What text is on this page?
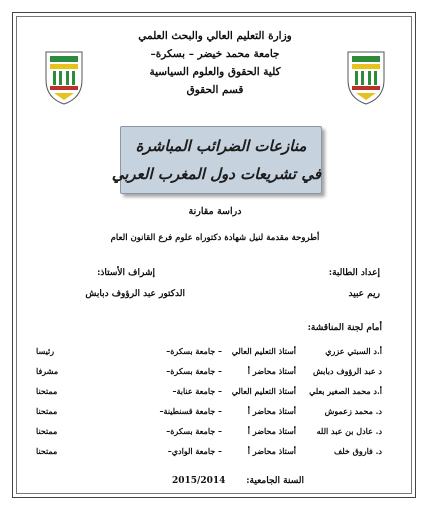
وزارة التعليم العالي والبحث العلمي
جامعة محمد خيضر – بسكرة–
كلية الحقوق والعلوم السياسية
قسم الحقوق
منازعات الضرائب المباشرة
في تشريعات دول المغرب العربي
دراسة مقارنة
أطروحة مقدمة لنيل شهادة دكتوراه علوم فرع القانون العام
إعداد الطالبة:
ريم عبيد
إشراف الأستاذ:
الدكتور عبد الرؤوف دبابش
أمام لجنة المناقشة:
أ.د السبتي عزري
أستاذ التعليم العالي
– جامعة بسكرة–
رئيسا
د عبد الرؤوف دبابش
أستاذ محاضر أ
– جامعة بسكرة–
مشرفا
أ.د محمد الصغير بعلي
أستاذ التعليم العالي
– جامعة عنابة–
ممتحنا
د. محمد زعموش
أستاذ محاضر أ
– جامعة قسنطينة–
ممتحنا
د. عادل بن عبد الله
أستاذ محاضر أ
– جامعة بسكرة–
ممتحنا
د. فاروق خلف
أستاذ محاضر أ
– جامعة الوادي–
ممتحنا
السنة الجامعية:
2015/2014
